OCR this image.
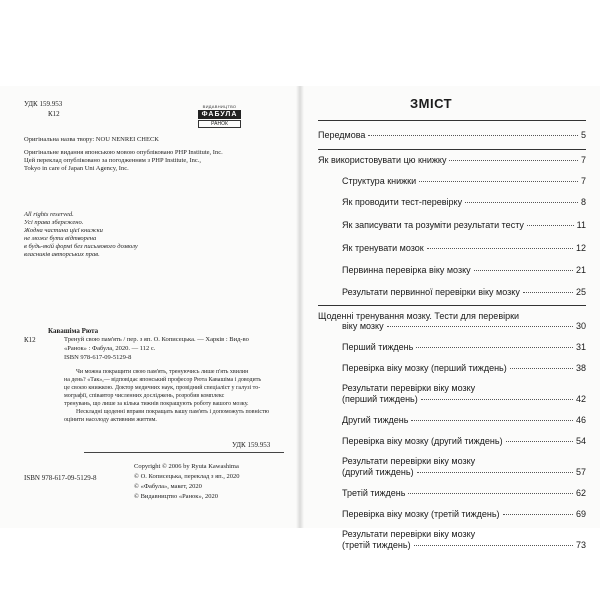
УДК 159.953
К12
Оригінальна назва твору: NOU NENREI CHECK
Оригінальне видання японською мовою опубліковано PHP Institute, Inc.
Цей переклад опубліковано за погодженням з PHP Institute, Inc.,
Tokyo in care of Japan Uni Agency, Inc.
All rights reserved.
Усі права збережено.
Жодна частина цієї книжки
не може бути відтворена
в будь-якій формі без письмового дозволу
власників авторських прав.
Кавашіма Рюта
К12	Тренуй свою пам'ять / пер. з яп. О. Кописецька. — Харків : Вид-во
«Ранок» : Фабула, 2020. — 112 с.
ISBN 978-617-09-5129-8
Чи можна покращити свою пам'ять, тренуючись лише п'ять хвилин
на день? «Так»,— відповідає японський професор Рюта Кавашіма і доводить
це своєю книжкою. Доктор медичних наук, провідний спеціаліст у галузі то-
мографії, співавтор численних досліджень, розробив комплекс
тренувань, що лише за кілька тижнів покращують роботу вашого мозку.
Нескладні щоденні вправи покращать вашу пам'ять і допоможуть повністю
оцінити насолоду активним життям.
УДК 159.953
Copyright © 2006 by Ryuta Kawashima
© О. Кописецька, переклад з яп., 2020
© «Фабула», макет, 2020
© Видавництво «Ранок», 2020
ISBN 978-617-09-5129-8
ЗМІСТ
Передмова	5
Як використовувати цю книжку	7
Структура книжки	7
Як проводити тест-перевірку	8
Як записувати та розуміти результати тесту	11
Як тренувати мозок	12
Первинна перевірка віку мозку	21
Результати первинної перевірки віку мозку	25
Щоденні тренування мозку. Тести для перевірки
віку мозку	30
Перший тиждень	31
Перевірка віку мозку (перший тиждень)	38
Результати перевірки віку мозку
(перший тиждень)	42
Другий тиждень	46
Перевірка віку мозку (другий тиждень)	54
Результати перевірки віку мозку
(другий тиждень)	57
Третій тиждень	62
Перевірка віку мозку (третій тиждень)	69
Результати перевірки віку мозку
(третій тиждень)	73
ВИДАВНИЦТВО
ФАБУЛА
РАНОК
